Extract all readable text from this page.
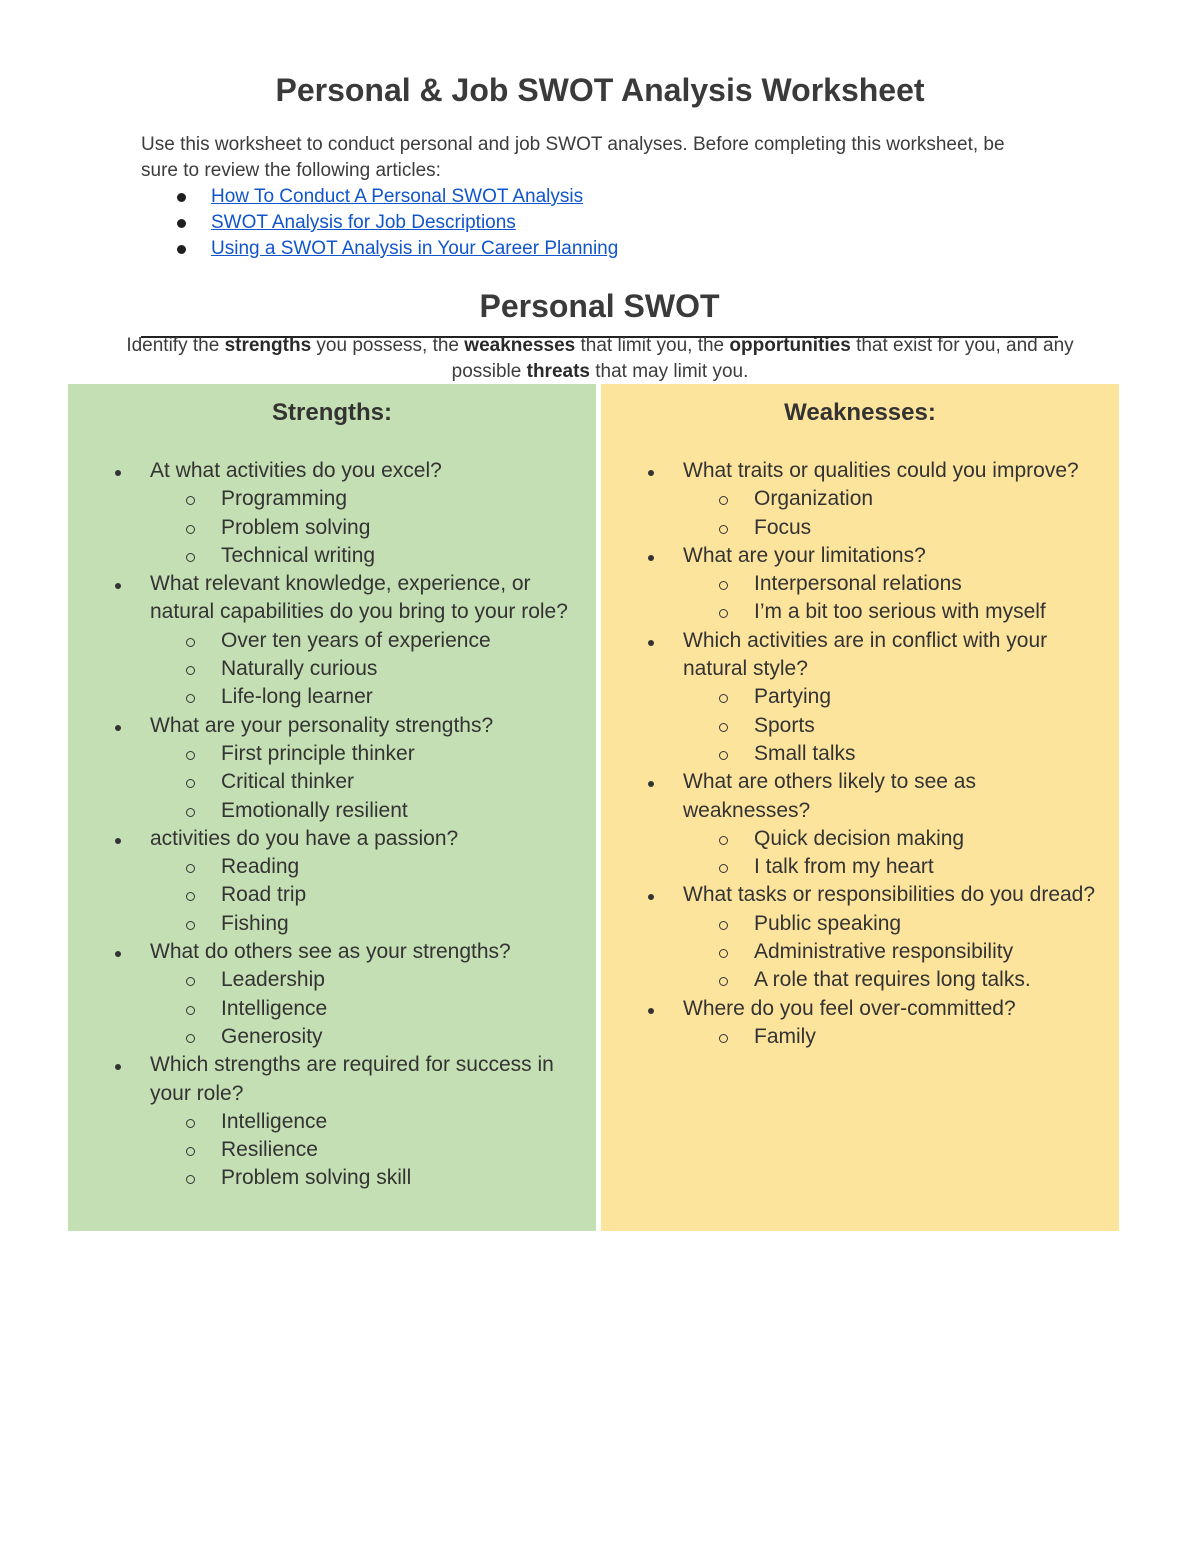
Personal & Job SWOT Analysis Worksheet

Use this worksheet to conduct personal and job SWOT analyses. Before completing this worksheet, be sure to review the following articles:

How To Conduct A Personal SWOT Analysis
SWOT Analysis for Job Descriptions
Using a SWOT Analysis in Your Career Planning
Personal SWOT
Identify the strengths you possess, the weaknesses that limit you, the opportunities that exist for you, and any possible threats that may limit you.
Strengths:
At what activities do you excel?
Programming
Problem solving
Technical writing
What relevant knowledge, experience, or natural capabilities do you bring to your role?
Over ten years of experience
Naturally curious
Life-long learner
What are your personality strengths?
First principle thinker
Critical thinker
Emotionally resilient
activities do you have a passion?
Reading
Road trip
Fishing
What do others see as your strengths?
Leadership
Intelligence
Generosity
Which strengths are required for success in your role?
Intelligence
Resilience
Problem solving skill
Weaknesses:
What traits or qualities could you improve?
Organization
Focus
What are your limitations?
Interpersonal relations
I’m a bit too serious with myself
Which activities are in conflict with your natural style?
Partying
Sports
Small talks
What are others likely to see as weaknesses?
Quick decision making
I talk from my heart
What tasks or responsibilities do you dread?
Public speaking
Administrative responsibility
A role that requires long talks.
Where do you feel over-committed?
Family
